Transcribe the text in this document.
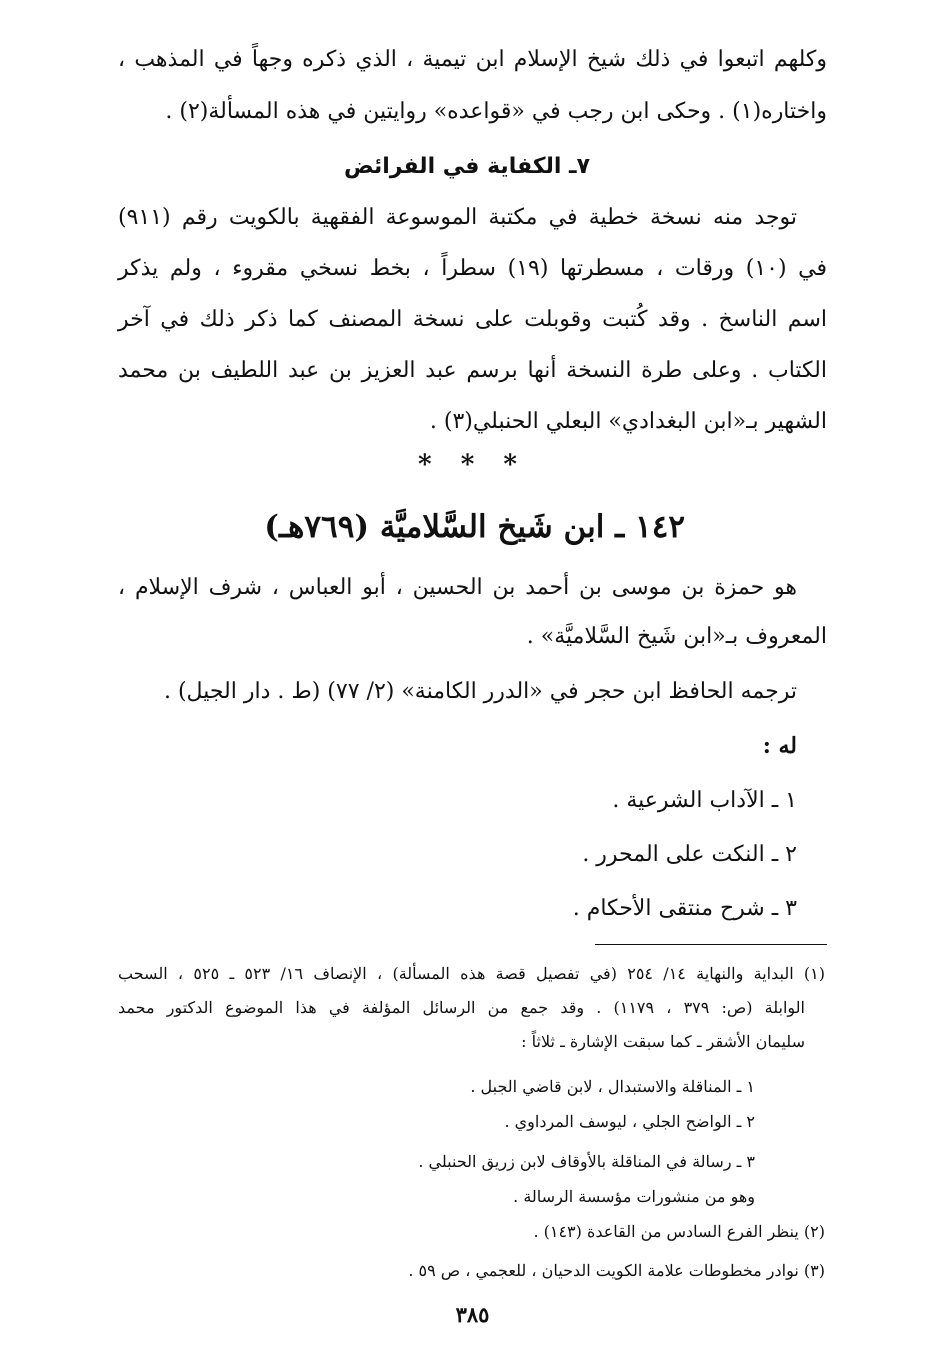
وكلهم اتبعوا في ذلك شيخ الإسلام ابن تيمية ، الذي ذكره وجهاً في المذهب ،
واختاره(١) . وحكى ابن رجب في «قواعده» روايتين في هذه المسألة(٢) .
٧ـ الكفاية في الفرائض
توجد منه نسخة خطية في مكتبة الموسوعة الفقهية بالكويت رقم (٩١١)
في (١٠) ورقات ، مسطرتها (١٩) سطراً ، بخط نسخي مقروء ، ولم يذكر
اسم الناسخ . وقد كُتبت وقوبلت على نسخة المصنف كما ذكر ذلك في آخر
الكتاب . وعلى طرة النسخة أنها برسم عبد العزيز بن عبد اللطيف بن محمد
الشهير بـ«ابن البغدادي» البعلي الحنبلي(٣) .
* * *
١٤٢ ـ ابن شَيخ السَّلاميَّة (٧٦٩هـ)
هو حمزة بن موسى بن أحمد بن الحسين ، أبو العباس ، شرف الإسلام ،
المعروف بـ«ابن شَيخ السَّلاميَّة» .
ترجمه الحافظ ابن حجر في «الدرر الكامنة» (٢/ ٧٧) (ط . دار الجيل) .
له :
١ ـ الآداب الشرعية .
٢ ـ النكت على المحرر .
٣ ـ شرح منتقى الأحكام .
(١) البداية والنهاية ١٤/ ٢٥٤ (في تفصيل قصة هذه المسألة) ، الإنصاف ١٦/ ٥٢٣ ـ ٥٢٥ ، السحب
الوابلة (ص: ٣٧٩ ، ١١٧٩) . وقد جمع من الرسائل المؤلفة في هذا الموضوع الدكتور محمد
سليمان الأشقر ـ كما سبقت الإشارة ـ ثلاثاً :
١ ـ المناقلة والاستبدال ، لابن قاضي الجبل .
٢ ـ الواضح الجلي ، ليوسف المرداوي .
٣ ـ رسالة في المناقلة بالأوقاف لابن زريق الحنبلي .
وهو من منشورات مؤسسة الرسالة .
(٢) ينظر الفرع السادس من القاعدة (١٤٣) .
(٣) نوادر مخطوطات علامة الكويت الدحيان ، للعجمي ، ص ٥٩ .
٣٨٥
